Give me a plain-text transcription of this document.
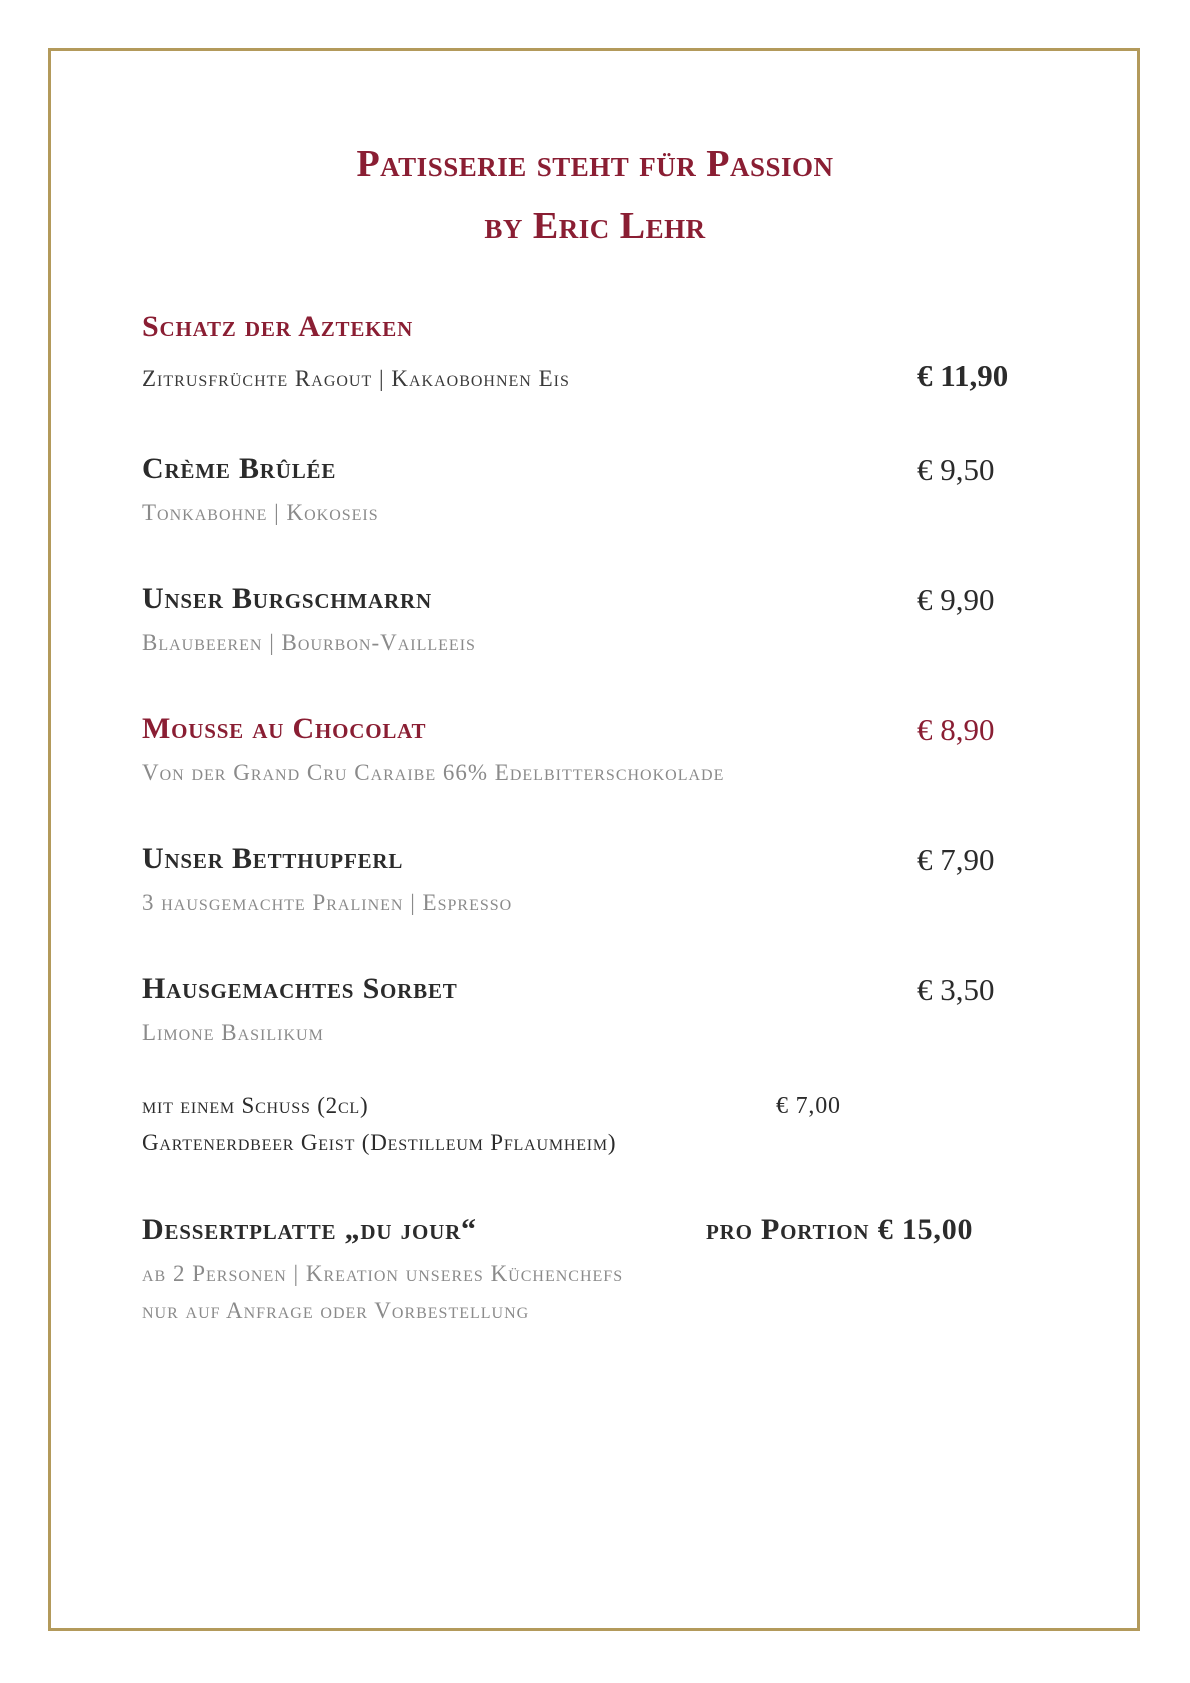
Patisserie steht für Passion
by Eric Lehr
Schatz der Azteken
Zitrusfrüchte Ragout | Kakaobohnen Eis	€ 11,90
Crème Brûlée
Tonkabohne | Kokoseis
€ 9,50
Unser Burgschmarrn
Blaubeeren | Bourbon-Vailleeis
€ 9,90
Mousse au Chocolat
Von der Grand Cru Caraibe 66% Edelbitterschokolade
€ 8,90
Unser Betthupferl
3 hausgemachte Pralinen | Espresso
€ 7,90
Hausgemachtes Sorbet
Limone Basilikum
€ 3,50
mit einem Schuss (2cl)	€ 7,00
Gartenerdbeer Geist (Destilleum Pflaumheim)
Dessertplatte „du jour“	pro Portion € 15,00
ab 2 Personen | Kreation unseres Küchenchefs
nur auf Anfrage oder Vorbestellung
